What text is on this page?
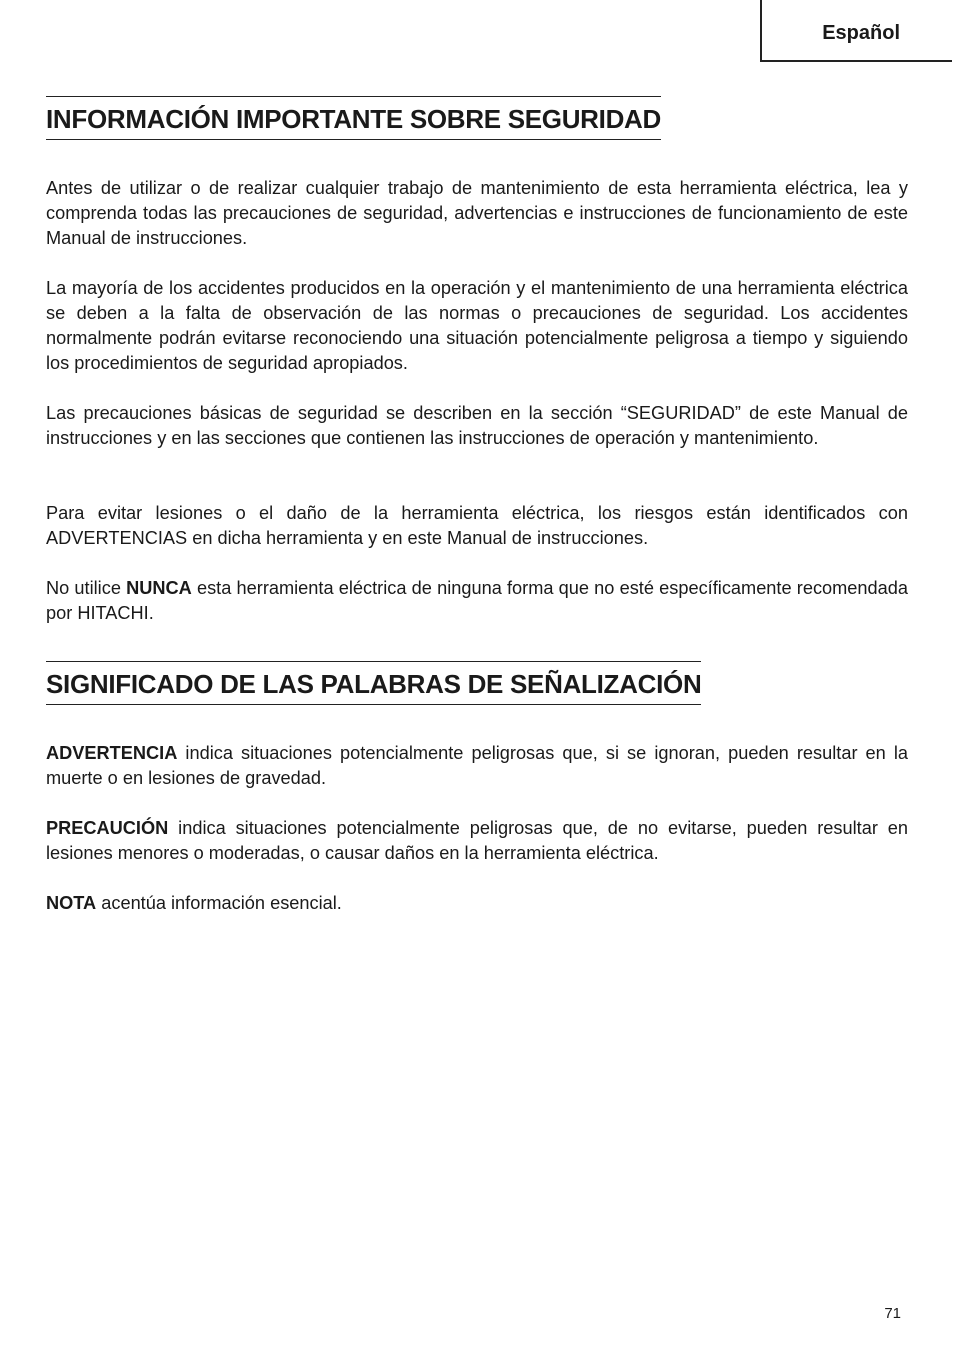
Español
INFORMACIÓN IMPORTANTE SOBRE SEGURIDAD

Antes de utilizar o de realizar cualquier trabajo de mantenimiento de esta herramienta eléctrica, lea y comprenda todas las precauciones de seguridad, advertencias e instrucciones de funcionamiento de este Manual de instrucciones.

La mayoría de los accidentes producidos en la operación y el mantenimiento de una herramienta eléctrica se deben a la falta de observación de las normas o precauciones de seguridad. Los accidentes normalmente podrán evitarse reconociendo una situación potencialmente peligrosa a tiempo y siguiendo los procedimientos de seguridad apropiados.

Las precauciones básicas de seguridad se describen en la sección “SEGURIDAD” de este Manual de instrucciones y en las secciones que contienen las instrucciones de operación y mantenimiento.

Para evitar lesiones o el daño de la herramienta eléctrica, los riesgos están identificados con ADVERTENCIAS en dicha herramienta y en este Manual de instrucciones.

No utilice NUNCA esta herramienta eléctrica de ninguna forma que no esté específicamente recomendada por HITACHI.

SIGNIFICADO DE LAS PALABRAS DE SEÑALIZACIÓN

ADVERTENCIA indica situaciones potencialmente peligrosas que, si se ignoran, pueden resultar en la muerte o en lesiones de gravedad.

PRECAUCIÓN indica situaciones potencialmente peligrosas que, de no evitarse, pueden resultar en lesiones menores o moderadas, o causar daños en la herramienta eléctrica.

NOTA acentúa información esencial.

71
